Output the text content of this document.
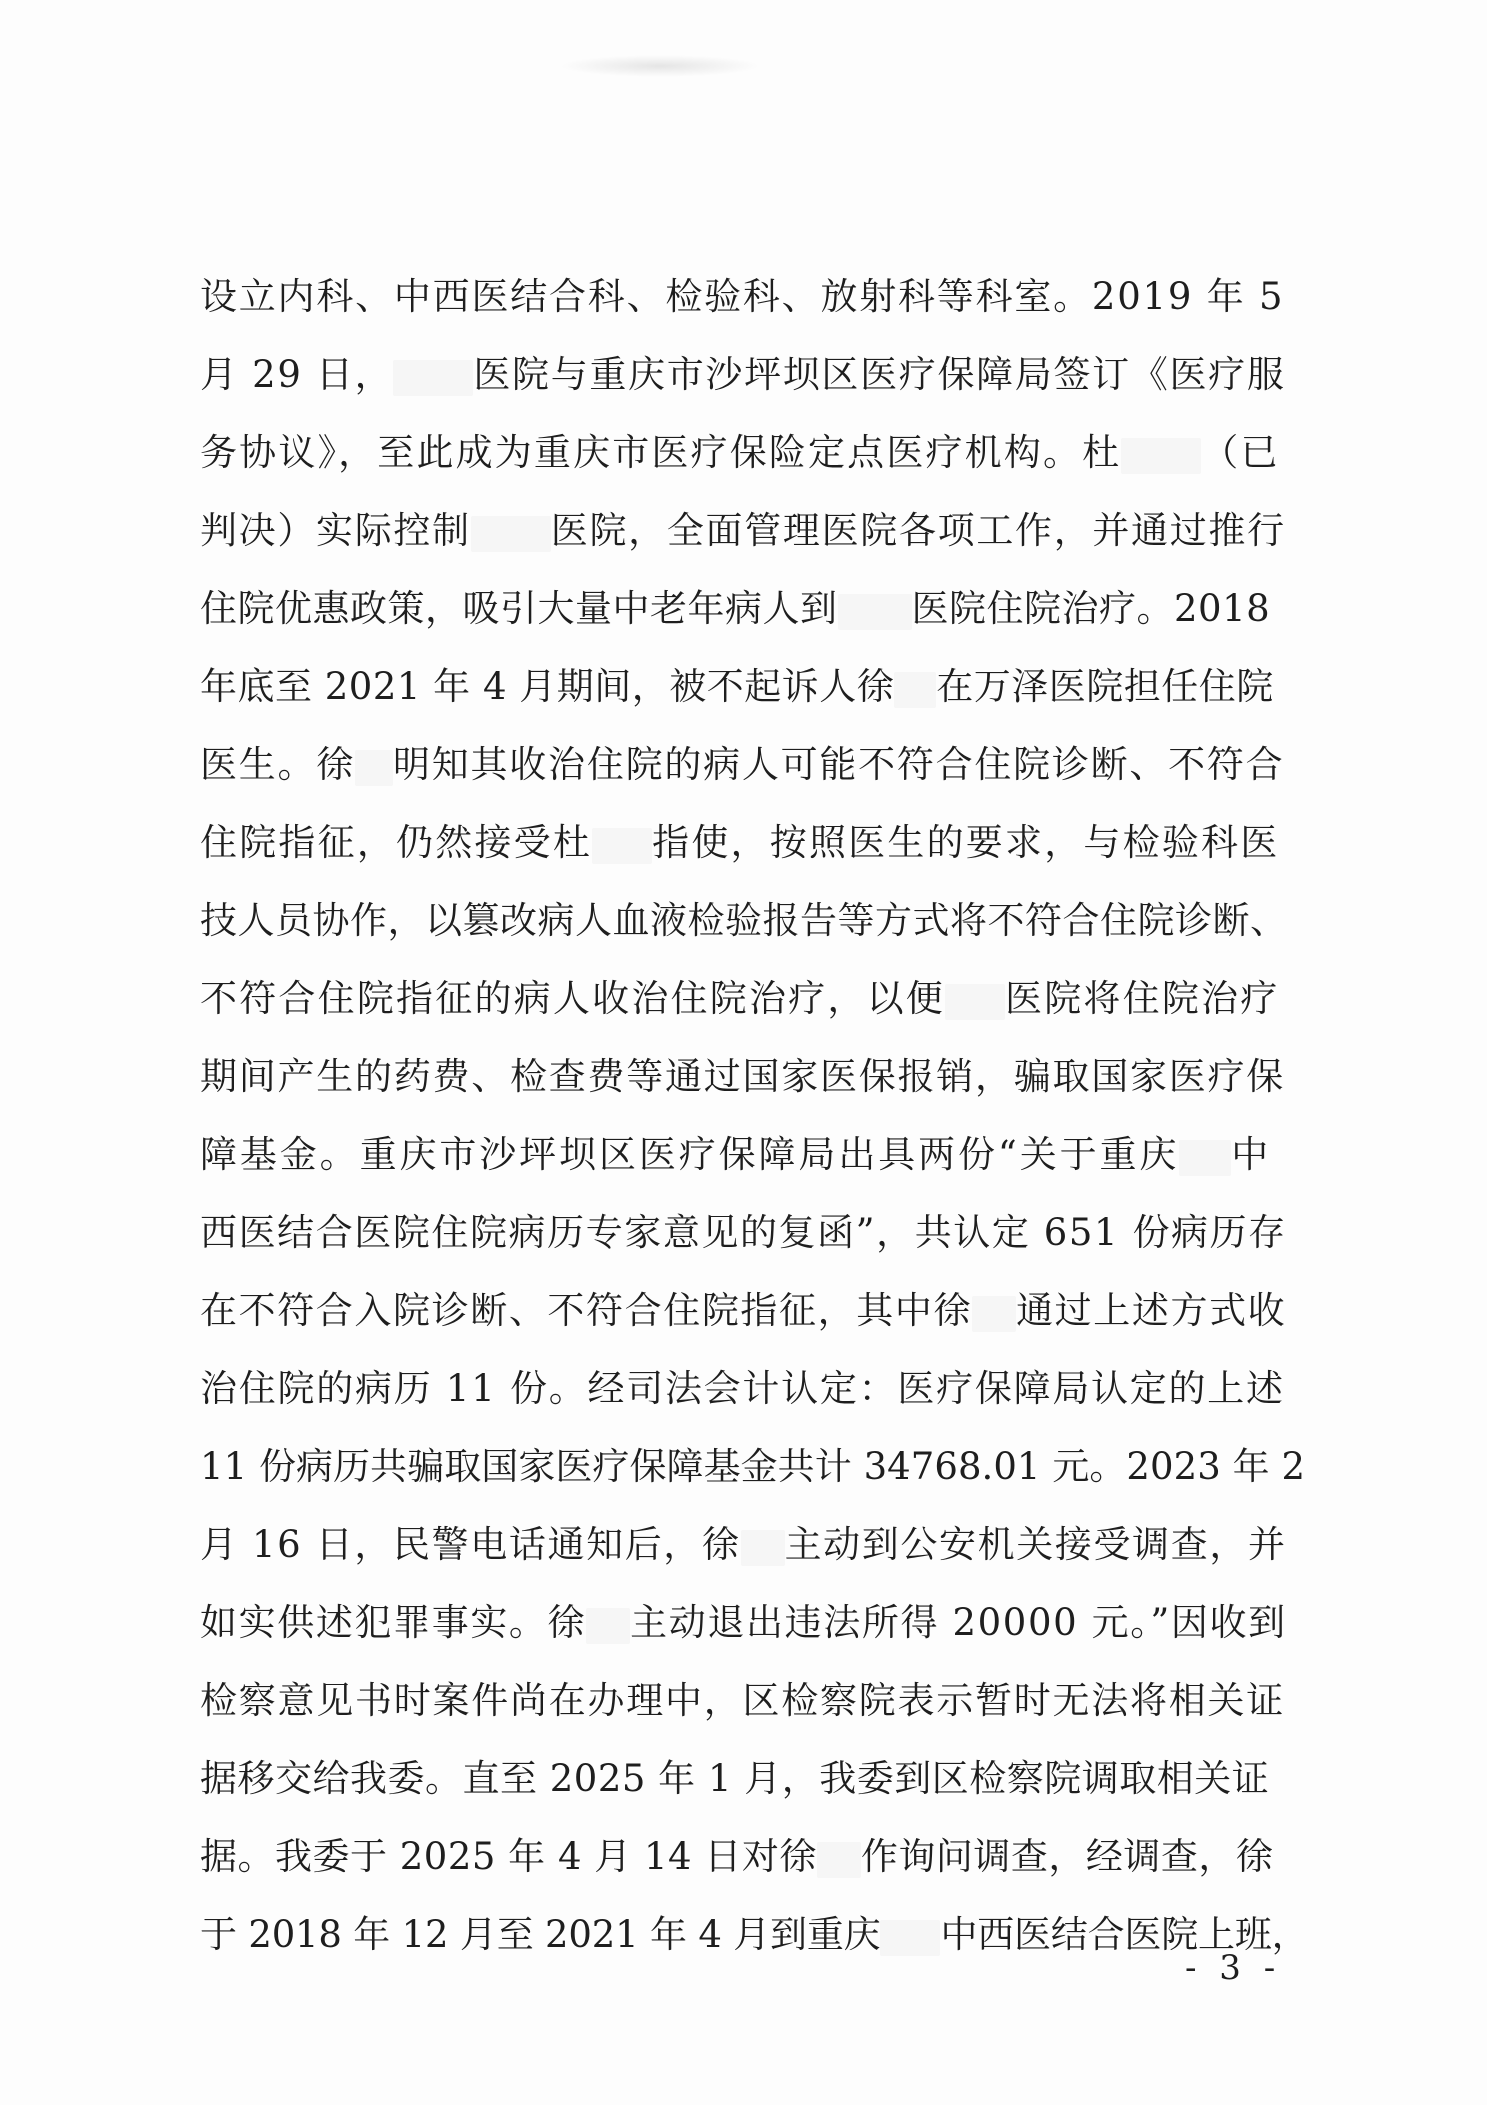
设立内科、中西医结合科、检验科、放射科等科室。2019 年 5
月 29 日， 医院与重庆市沙坪坝区医疗保障局签订《医疗服
务协议》，至此成为重庆市医疗保险定点医疗机构。杜 （已
判决）实际控制 医院，全面管理医院各项工作，并通过推行
住院优惠政策，吸引大量中老年病人到 医院住院治疗。2018
年底至 2021 年 4 月期间，被不起诉人徐 在万泽医院担任住院
医生。徐 明知其收治住院的病人可能不符合住院诊断、不符合
住院指征，仍然接受杜 指使，按照医生的要求，与检验科医
技人员协作，以篡改病人血液检验报告等方式将不符合住院诊断、
不符合住院指征的病人收治住院治疗，以便 医院将住院治疗
期间产生的药费、检查费等通过国家医保报销，骗取国家医疗保
障基金。重庆市沙坪坝区医疗保障局出具两份“关于重庆 中
西医结合医院住院病历专家意见的复函”，共认定 651 份病历存
在不符合入院诊断、不符合住院指征，其中徐 通过上述方式收
治住院的病历 11 份。经司法会计认定：医疗保障局认定的上述
11 份病历共骗取国家医疗保障基金共计 34768.01 元。2023 年 2
月 16 日，民警电话通知后，徐 主动到公安机关接受调查，并
如实供述犯罪事实。徐 主动退出违法所得 20000 元。”因收到
检察意见书时案件尚在办理中，区检察院表示暂时无法将相关证
据移交给我委。直至 2025 年 1 月，我委到区检察院调取相关证
据。我委于 2025 年 4 月 14 日对徐 作询问调查，经调查，徐
于 2018 年 12 月至 2021 年 4 月到重庆 中西医结合医院上班，
- 3 -
